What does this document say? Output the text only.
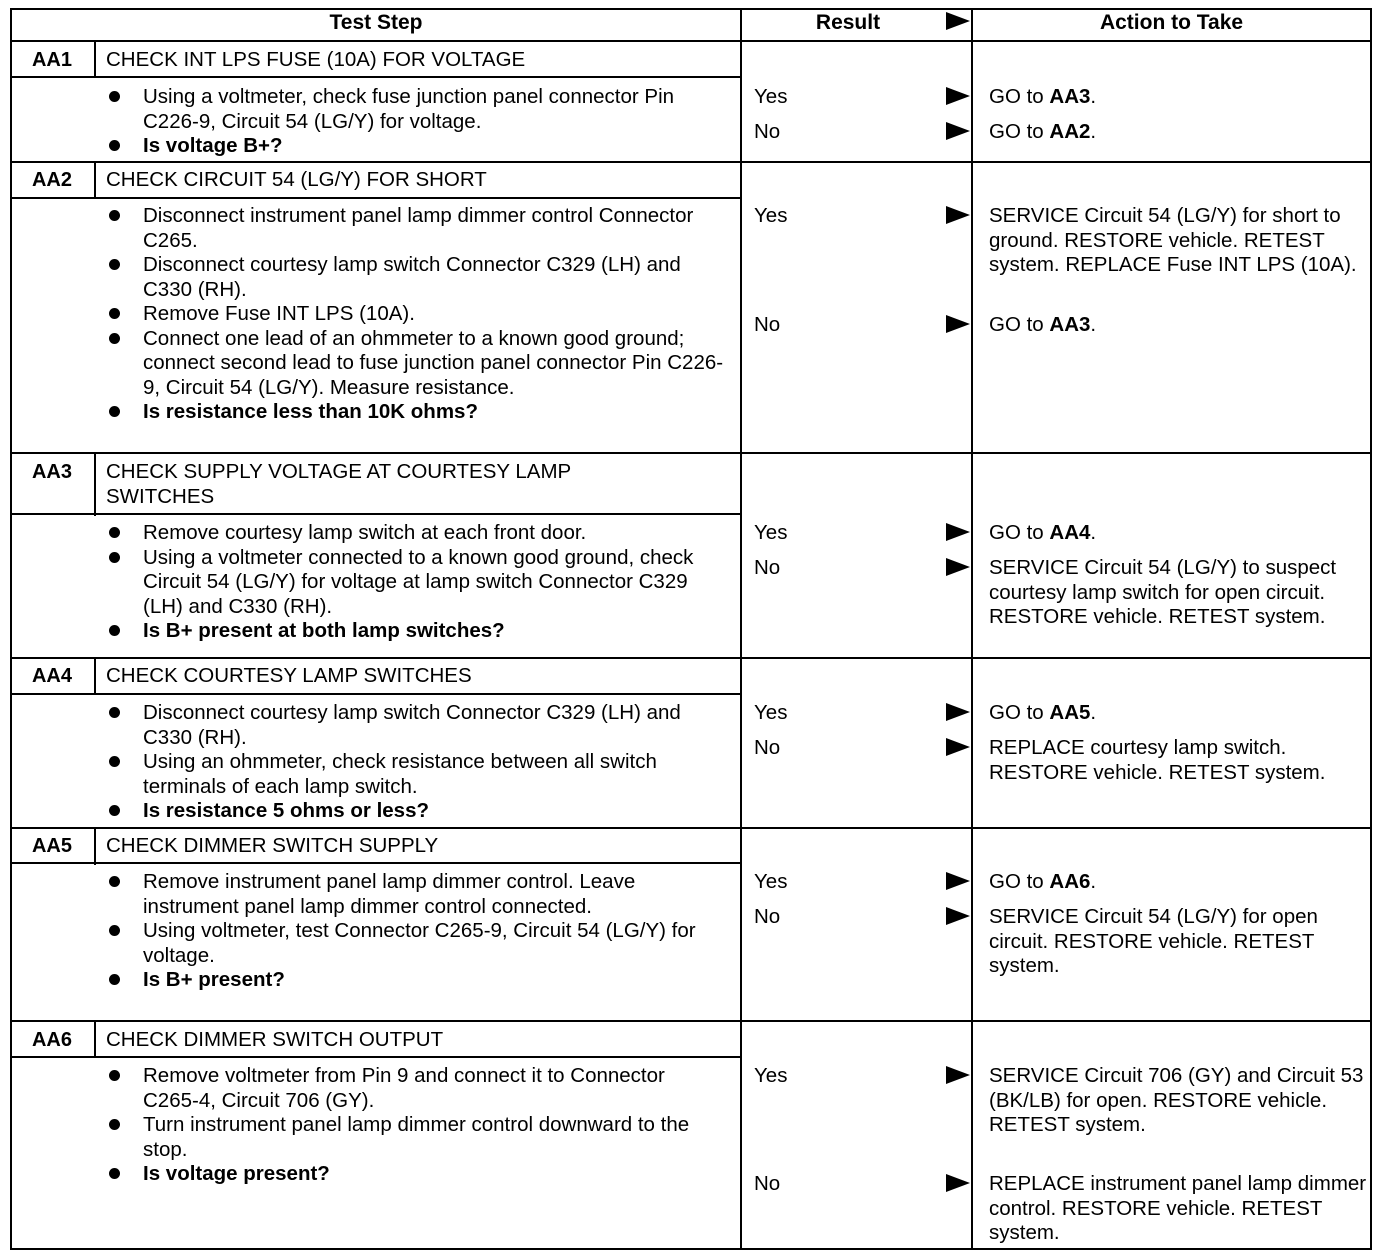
Test Step	Result	Action to Take
AA1	CHECK INT LPS FUSE (10A) FOR VOLTAGE
Using a voltmeter, check fuse junction panel connector Pin C226-9, Circuit 54 (LG/Y) for voltage.
Is voltage B+?
Yes	GO to AA3.
No	GO to AA2.
AA2	CHECK CIRCUIT 54 (LG/Y) FOR SHORT
Disconnect instrument panel lamp dimmer control Connector C265.
Disconnect courtesy lamp switch Connector C329 (LH) and C330 (RH).
Remove Fuse INT LPS (10A).
Connect one lead of an ohmmeter to a known good ground; connect second lead to fuse junction panel connector Pin C226-9, Circuit 54 (LG/Y). Measure resistance.
Is resistance less than 10K ohms?
Yes	SERVICE Circuit 54 (LG/Y) for short to ground. RESTORE vehicle. RETEST system. REPLACE Fuse INT LPS (10A).
No	GO to AA3.
AA3	CHECK SUPPLY VOLTAGE AT COURTESY LAMP SWITCHES
Remove courtesy lamp switch at each front door.
Using a voltmeter connected to a known good ground, check Circuit 54 (LG/Y) for voltage at lamp switch Connector C329 (LH) and C330 (RH).
Is B+ present at both lamp switches?
Yes	GO to AA4.
No	SERVICE Circuit 54 (LG/Y) to suspect courtesy lamp switch for open circuit. RESTORE vehicle. RETEST system.
AA4	CHECK COURTESY LAMP SWITCHES
Disconnect courtesy lamp switch Connector C329 (LH) and C330 (RH).
Using an ohmmeter, check resistance between all switch terminals of each lamp switch.
Is resistance 5 ohms or less?
Yes	GO to AA5.
No	REPLACE courtesy lamp switch. RESTORE vehicle. RETEST system.
AA5	CHECK DIMMER SWITCH SUPPLY
Remove instrument panel lamp dimmer control. Leave instrument panel lamp dimmer control connected.
Using voltmeter, test Connector C265-9, Circuit 54 (LG/Y) for voltage.
Is B+ present?
Yes	GO to AA6.
No	SERVICE Circuit 54 (LG/Y) for open circuit. RESTORE vehicle. RETEST system.
AA6	CHECK DIMMER SWITCH OUTPUT
Remove voltmeter from Pin 9 and connect it to Connector C265-4, Circuit 706 (GY).
Turn instrument panel lamp dimmer control downward to the stop.
Is voltage present?
Yes	SERVICE Circuit 706 (GY) and Circuit 53 (BK/LB) for open. RESTORE vehicle. RETEST system.
No	REPLACE instrument panel lamp dimmer control. RESTORE vehicle. RETEST system.
